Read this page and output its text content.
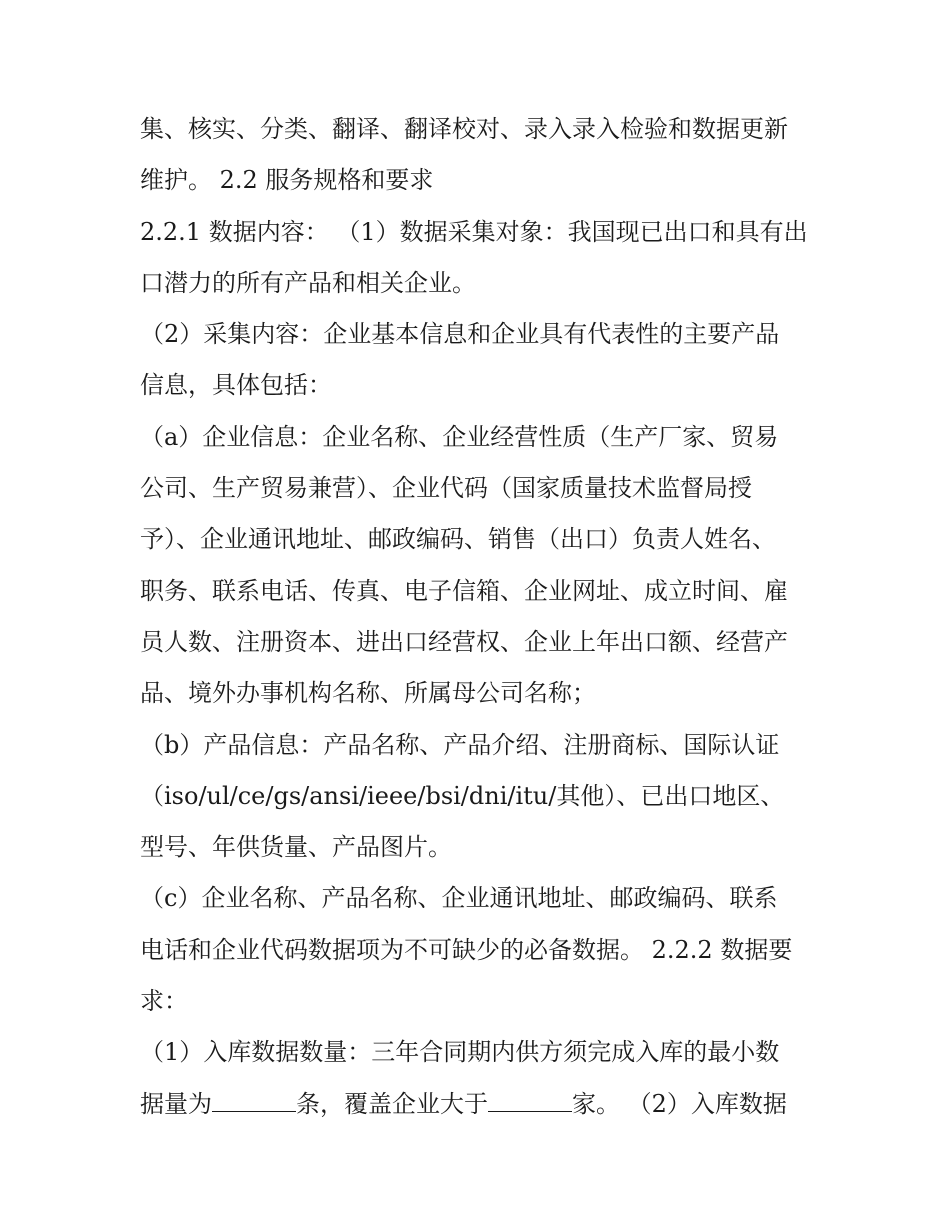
集、核实、分类、翻译、翻译校对、录入录入检验和数据更新
维护。 2.2 服务规格和要求
2.2.1 数据内容： （1）数据采集对象：我国现已出口和具有出
口潜力的所有产品和相关企业。
（2）采集内容：企业基本信息和企业具有代表性的主要产品
信息，具体包括：
（a）企业信息：企业名称、企业经营性质（生产厂家、贸易
公司、生产贸易兼营）、企业代码（国家质量技术监督局授
予）、企业通讯地址、邮政编码、销售（出口）负责人姓名、
职务、联系电话、传真、电子信箱、企业网址、成立时间、雇
员人数、注册资本、进出口经营权、企业上年出口额、经营产
品、境外办事机构名称、所属母公司名称；
（b）产品信息：产品名称、产品介绍、注册商标、国际认证
（iso/ul/ce/gs/ansi/ieee/bsi/dni/itu/其他）、已出口地区、
型号、年供货量、产品图片。
（c）企业名称、产品名称、企业通讯地址、邮政编码、联系
电话和企业代码数据项为不可缺少的必备数据。 2.2.2 数据要
求：
（1）入库数据数量：三年合同期内供方须完成入库的最小数
据量为	条，覆盖企业大于	家。 （2）入库数据
